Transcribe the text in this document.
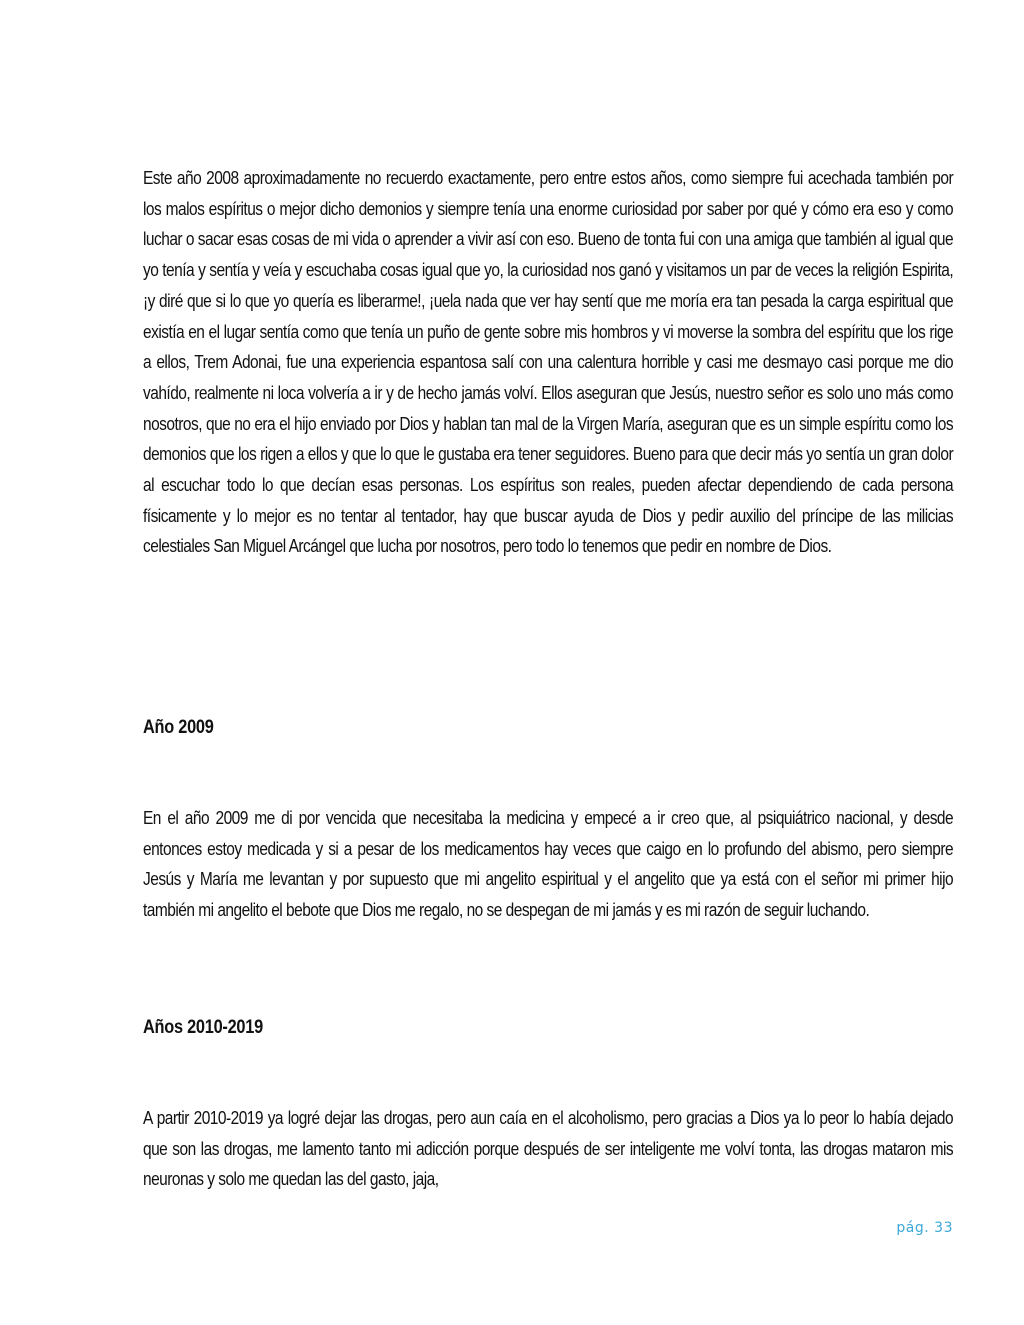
Este año 2008 aproximadamente no recuerdo exactamente, pero entre estos años, como siempre fui acechada también por los malos espíritus o mejor dicho demonios y siempre tenía una enorme curiosidad por saber por qué y cómo era eso y como luchar o sacar esas cosas de mi vida o aprender a vivir así con eso. Bueno de tonta fui con una amiga que también al igual que yo tenía y sentía y veía y escuchaba cosas igual que yo, la curiosidad nos ganó y visitamos un par de veces la religión Espirita, ¡y diré que si lo que yo quería es liberarme!, ¡uela nada que ver hay sentí que me moría era tan pesada la carga espiritual que existía en el lugar sentía como que tenía un puño de gente sobre mis hombros y vi moverse la sombra del espíritu que los rige a ellos, Trem Adonai, fue una experiencia espantosa salí con una calentura horrible y casi me desmayo casi porque me dio vahído, realmente ni loca volvería a ir y de hecho jamás volví. Ellos aseguran que Jesús, nuestro señor es solo uno más como nosotros, que no era el hijo enviado por Dios y hablan tan mal de la Virgen María, aseguran que es un simple espíritu como los demonios que los rigen a ellos y que lo que le gustaba era tener seguidores. Bueno para que decir más yo sentía un gran dolor al escuchar todo lo que decían esas personas. Los espíritus son reales, pueden afectar dependiendo de cada persona físicamente y lo mejor es no tentar al tentador, hay que buscar ayuda de Dios y pedir auxilio del príncipe de las milicias celestiales San Miguel Arcángel que lucha por nosotros, pero todo lo tenemos que pedir en nombre de Dios.

Año 2009

En el año 2009 me di por vencida que necesitaba la medicina y empecé a ir creo que, al psiquiátrico nacional, y desde entonces estoy medicada y si a pesar de los medicamentos hay veces que caigo en lo profundo del abismo, pero siempre Jesús y María me levantan y por supuesto que mi angelito espiritual y el angelito que ya está con el señor mi primer hijo también mi angelito el bebote que Dios me regalo, no se despegan de mi jamás y es mi razón de seguir luchando.

Años 2010-2019

A partir 2010-2019 ya logré dejar las drogas, pero aun caía en el alcoholismo, pero gracias a Dios ya lo peor lo había dejado que son las drogas, me lamento tanto mi adicción porque después de ser inteligente me volví tonta, las drogas mataron mis neuronas y solo me quedan las del gasto, jaja,

pág. 33
